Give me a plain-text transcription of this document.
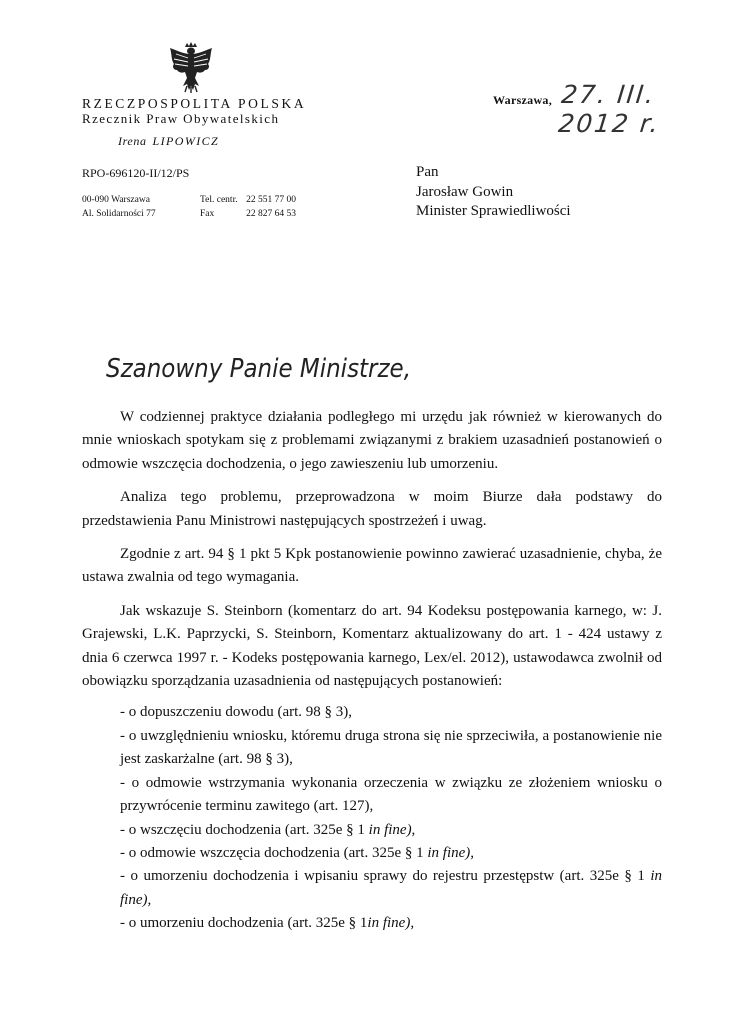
RZECZPOSPOLITA POLSKA
Rzecznik Praw Obywatelskich
Irena LIPOWICZ
RPO-696120-II/12/PS
00-090 Warszawa
Al. Solidarności 77
Tel. centr. 22 551 77 00
Fax	22 827 64 53
Warszawa, 27. III. 2012 r.
Pan
Jarosław Gowin
Minister Sprawiedliwości
Szanowny Panie Ministrze,

W codziennej praktyce działania podległego mi urzędu jak również w kierowanych do mnie wnioskach spotykam się z problemami związanymi z brakiem uzasadnień postanowień o odmowie wszczęcia dochodzenia, o jego zawieszeniu lub umorzeniu.

Analiza tego problemu, przeprowadzona w moim Biurze dała podstawy do przedstawienia Panu Ministrowi następujących spostrzeżeń i uwag.

Zgodnie z art. 94 § 1 pkt 5 Kpk postanowienie powinno zawierać uzasadnienie, chyba, że ustawa zwalnia od tego wymagania.

Jak wskazuje S. Steinborn (komentarz do art. 94 Kodeksu postępowania karnego, w: J. Grajewski, L.K. Paprzycki, S. Steinborn, Komentarz aktualizowany do art. 1 - 424 ustawy z dnia 6 czerwca 1997 r. - Kodeks postępowania karnego, Lex/el. 2012), ustawodawca zwolnił od obowiązku sporządzania uzasadnienia od następujących postanowień:

- o dopuszczeniu dowodu (art. 98 § 3),
- o uwzględnieniu wniosku, któremu druga strona się nie sprzeciwiła, a postanowienie nie jest zaskarżalne (art. 98 § 3),
- o odmowie wstrzymania wykonania orzeczenia w związku ze złożeniem wniosku o przywrócenie terminu zawitego (art. 127),
- o wszczęciu dochodzenia (art. 325e § 1 in fine),
- o odmowie wszczęcia dochodzenia (art. 325e § 1 in fine),
- o umorzeniu dochodzenia i wpisaniu sprawy do rejestru przestępstw (art. 325e § 1 in fine),
- o umorzeniu dochodzenia (art. 325e § 1in fine),
